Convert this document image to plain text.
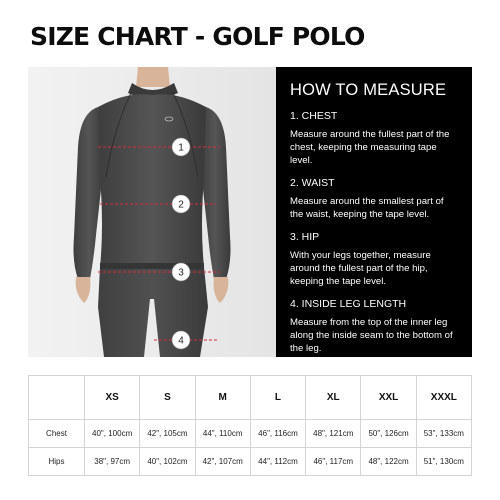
SIZE CHART - GOLF POLO
1
2
3
4
HOW TO MEASURE
1. CHEST
Measure around the fullest part of the chest, keeping the measuring tape level.
2. WAIST
Measure around the smallest part of the waist, keeping the tape level.
3. HIP
With your legs together, measure around the fullest part of the hip, keeping the tape level.
4. INSIDE LEG LENGTH
Measure from the top of the inner leg along the inside seam to the bottom of the leg.
	XS	S	M	L	XL	XXL	XXXL
Chest	40", 100cm	42", 105cm	44", 110cm	46", 116cm	48", 121cm	50", 126cm	53", 133cm
Hips	38", 97cm	40", 102cm	42", 107cm	44", 112cm	46", 117cm	48", 122cm	51", 130cm
